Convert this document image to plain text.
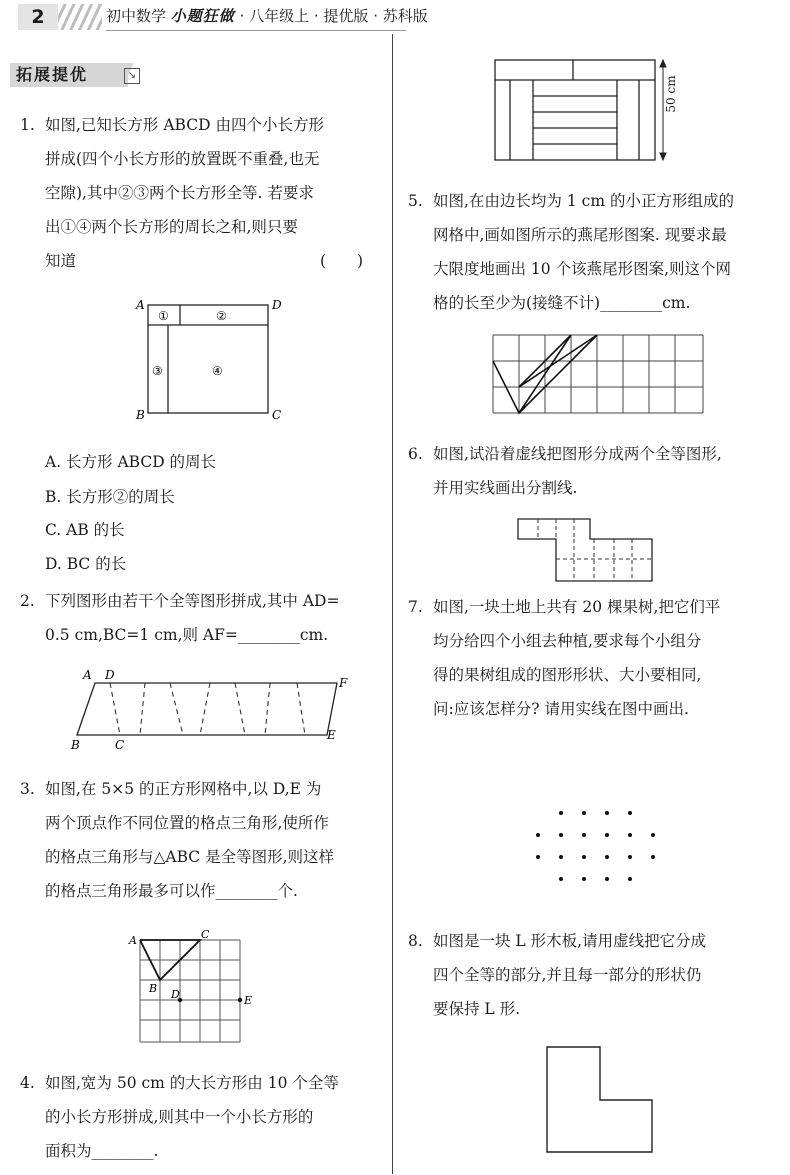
2	初中数学 小题狂做 · 八年级上 · 提优版 · 苏科版
拓展提优	↘
1. 如图,已知长方形 ABCD 由四个小长方形
拼成(四个小长方形的放置既不重叠,也无
空隙),其中②③两个长方形全等. 若要求
出①④两个长方形的周长之和,则只要
知道	(　　)
A	D
B	C
①	②
③	④
A. 长方形 ABCD 的周长
B. 长方形②的周长
C. AB 的长
D. BC 的长
2. 下列图形由若干个全等图形拼成,其中 AD=
0.5 cm,BC=1 cm,则 AF=________cm.
A D
F
B	C
E
3. 如图,在 5×5 的正方形网格中,以 D,E 为
两个顶点作不同位置的格点三角形,使所作
的格点三角形与△ABC 是全等图形,则这样
的格点三角形最多可以作________个.
A	C
B D	E
4. 如图,宽为 50 cm 的大长方形由 10 个全等
的小长方形拼成,则其中一个小长方形的
面积为________.
50 cm
5. 如图,在由边长均为 1 cm 的小正方形组成的
网格中,画如图所示的燕尾形图案. 现要求最
大限度地画出 10 个该燕尾形图案,则这个网
格的长至少为(接缝不计)________cm.
6. 如图,试沿着虚线把图形分成两个全等图形,
并用实线画出分割线.
7. 如图,一块土地上共有 20 棵果树,把它们平
均分给四个小组去种植,要求每个小组分
得的果树组成的图形形状、大小要相同,
问:应该怎样分? 请用实线在图中画出.
8. 如图是一块 L 形木板,请用虚线把它分成
四个全等的部分,并且每一部分的形状仍
要保持 L 形.
